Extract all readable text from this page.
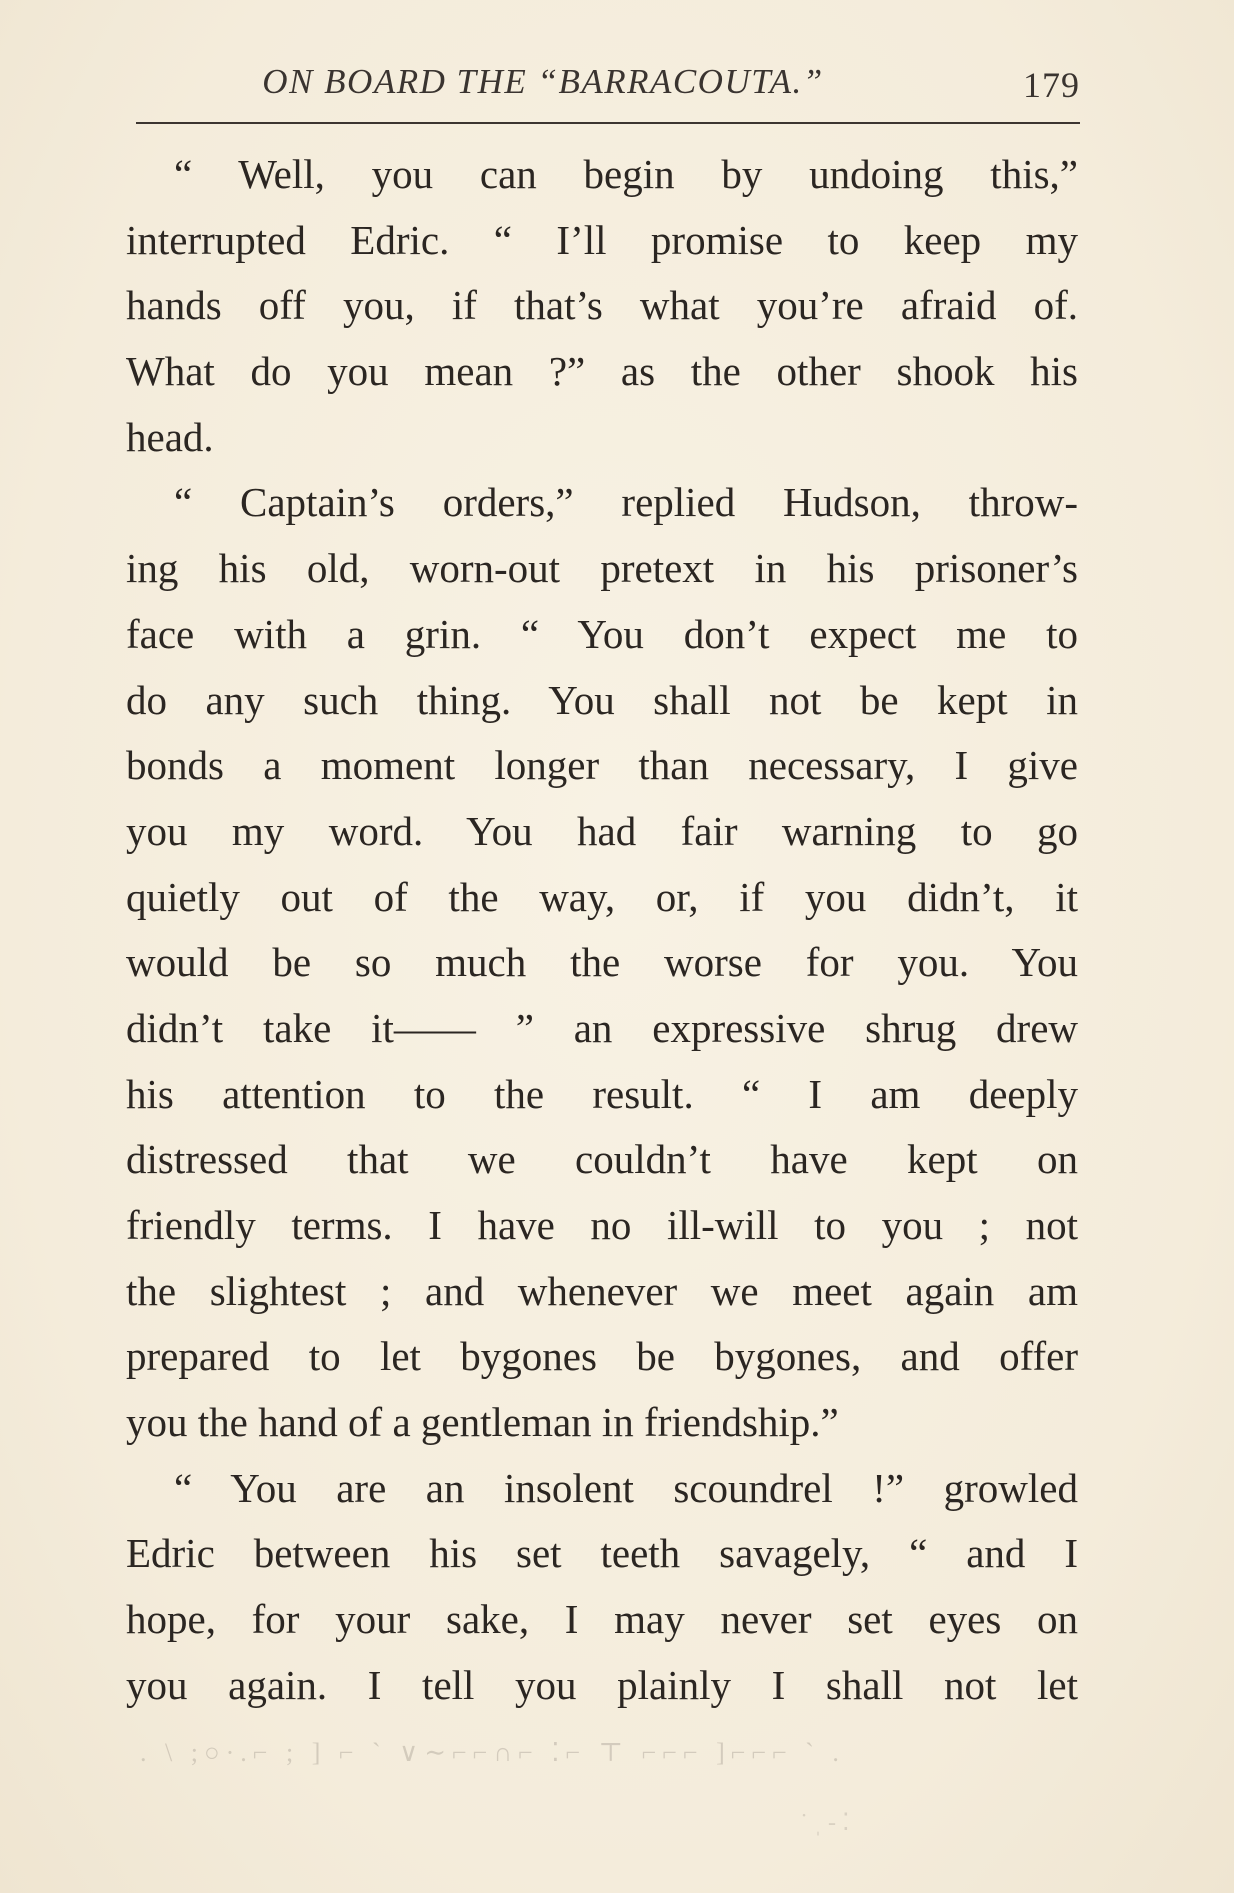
ON BOARD THE “BARRACOUTA.”	179
“ Well, you can begin by undoing this,”
interrupted Edric. “ I’ll promise to keep my
hands off you, if that’s what you’re afraid of.
What do you mean ?” as the other shook his
head.
“ Captain’s orders,” replied Hudson, throw-
ing his old, worn-out pretext in his prisoner’s
face with a grin. “ You don’t expect me to
do any such thing. You shall not be kept in
bonds a moment longer than necessary, I give
you my word. You had fair warning to go
quietly out of the way, or, if you didn’t, it
would be so much the worse for you. You
didn’t take it—— ” an expressive shrug drew
his attention to the result. “ I am deeply
distressed that we couldn’t have kept on
friendly terms. I have no ill-will to you ; not
the slightest ; and whenever we meet again am
prepared to let bygones be bygones, and offer
you the hand of a gentleman in friendship.”
“ You are an insolent scoundrel !” growled
Edric between his set teeth savagely, “ and I
hope, for your sake, I may never set eyes on
you again. I tell you plainly I shall not let
. \ ;○·.⌐ ; ] ⌐ ` ∨∼⌐⌐∩⌐ ⁚⌐ ⊤ ⌐⌐⌐ ]⌐⌐⌐ ` .
˙ ˌ ‐ ⁚
